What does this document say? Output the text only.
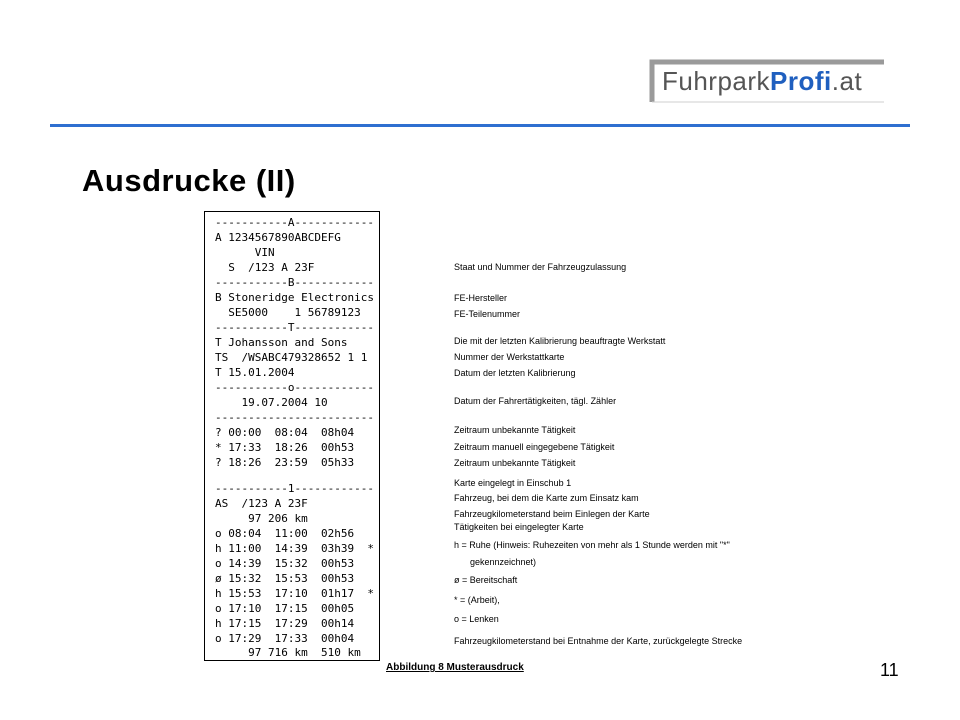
FuhrparkProfi.at
Ausdrucke (II)
-----------A------------
A 1234567890ABCDEFG
VIN
S  /123 A 23F
-----------B------------
B Stoneridge Electronics
SE5000    1 56789123
-----------T------------
T Johansson and Sons
TS  /WSABC479328652 1 1
T 15.01.2004
-----------o------------
19.07.2004 10
------------------------
? 00:00  08:04  08h04
* 17:33  18:26  00h53
? 18:26  23:59  05h33
-----------1------------
AS  /123 A 23F
97 206 km
o 08:04  11:00  02h56
h 11:00  14:39  03h39  *
o 14:39  15:32  00h53
ø 15:32  15:53  00h53
h 15:53  17:10  01h17  *
o 17:10  17:15  00h05
h 17:15  17:29  00h14
o 17:29  17:33  00h04
97 716 km  510 km
Staat und Nummer der Fahrzeugzulassung
FE-Hersteller
FE-Teilenummer
Die mit der letzten Kalibrierung beauftragte Werkstatt
Nummer der Werkstattkarte
Datum der letzten Kalibrierung
Datum der Fahrertätigkeiten, tägl. Zähler
Zeitraum unbekannte Tätigkeit
Zeitraum manuell eingegebene Tätigkeit
Zeitraum unbekannte Tätigkeit
Karte eingelegt in Einschub 1
Fahrzeug, bei dem die Karte zum Einsatz kam
Fahrzeugkilometerstand beim Einlegen der Karte
Tätigkeiten bei eingelegter Karte
h = Ruhe (Hinweis: Ruhezeiten von mehr als 1 Stunde werden mit "*"
gekennzeichnet)
ø = Bereitschaft
* = (Arbeit),
o = Lenken
Fahrzeugkilometerstand bei Entnahme der Karte, zurückgelegte Strecke
Abbildung 8 Musterausdruck	11
